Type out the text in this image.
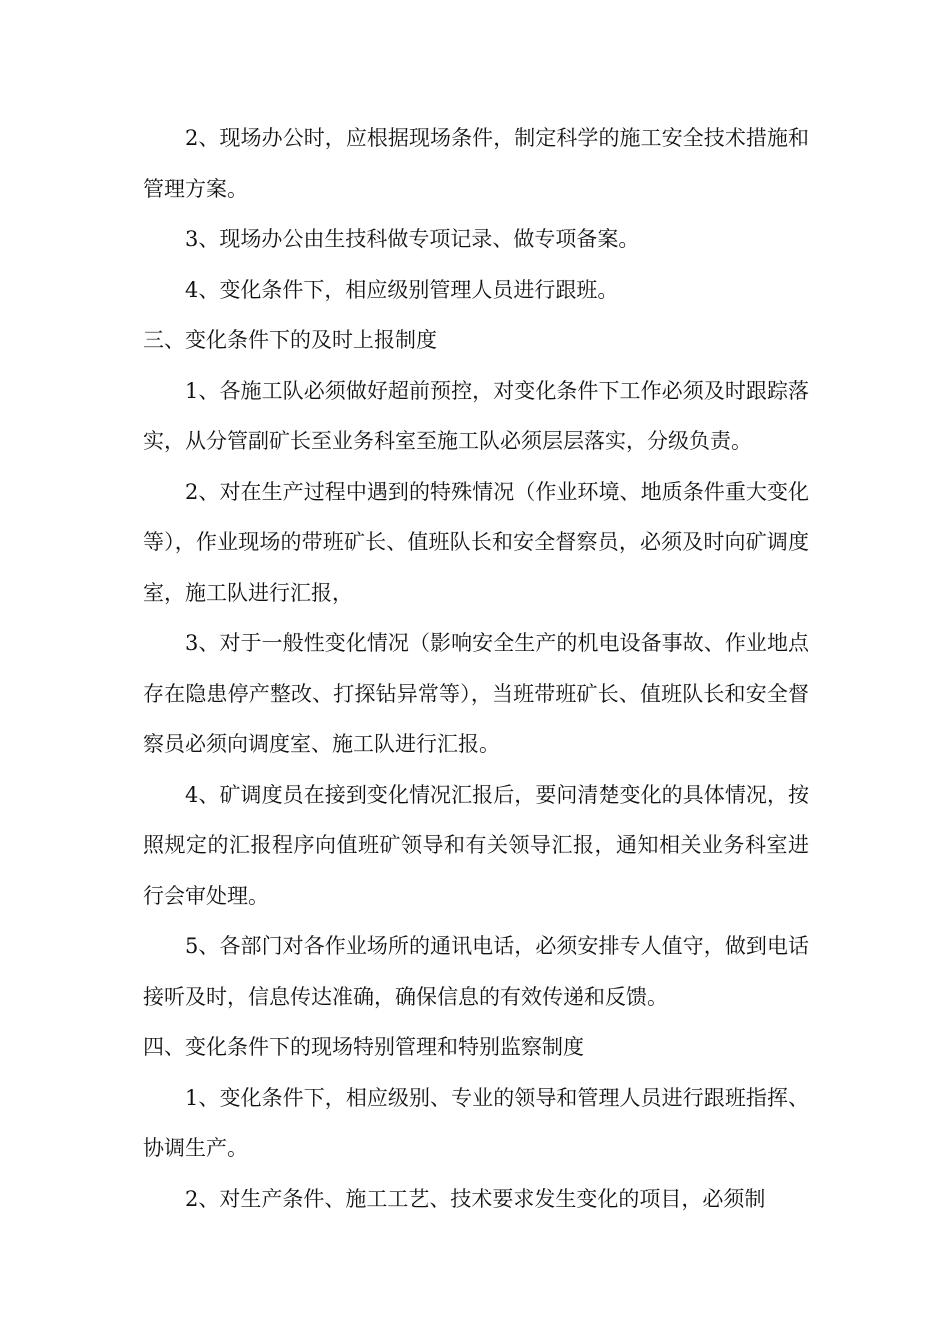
2、现场办公时，应根据现场条件，制定科学的施工安全技术措施和管理方案。

3、现场办公由生技科做专项记录、做专项备案。

4、变化条件下，相应级别管理人员进行跟班。

三、变化条件下的及时上报制度

1、各施工队必须做好超前预控，对变化条件下工作必须及时跟踪落实，从分管副矿长至业务科室至施工队必须层层落实，分级负责。

2、对在生产过程中遇到的特殊情况（作业环境、地质条件重大变化等），作业现场的带班矿长、值班队长和安全督察员，必须及时向矿调度室，施工队进行汇报，

3、对于一般性变化情况（影响安全生产的机电设备事故、作业地点存在隐患停产整改、打探钻异常等），当班带班矿长、值班队长和安全督察员必须向调度室、施工队进行汇报。

4、矿调度员在接到变化情况汇报后，要问清楚变化的具体情况，按照规定的汇报程序向值班矿领导和有关领导汇报，通知相关业务科室进行会审处理。

5、各部门对各作业场所的通讯电话，必须安排专人值守，做到电话接听及时，信息传达准确，确保信息的有效传递和反馈。

四、变化条件下的现场特别管理和特别监察制度

1、变化条件下，相应级别、专业的领导和管理人员进行跟班指挥、协调生产。

2、对生产条件、施工工艺、技术要求发生变化的项目，必须制
